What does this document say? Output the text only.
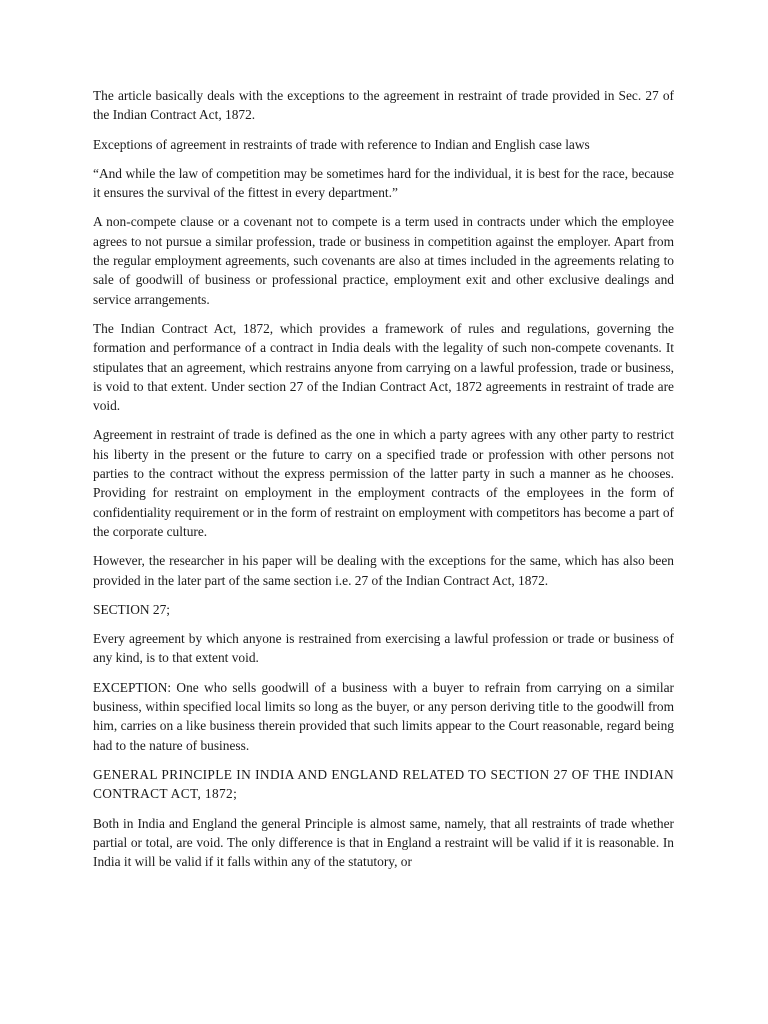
The article basically deals with the exceptions to the agreement in restraint of trade provided in Sec. 27 of the Indian Contract Act, 1872.

Exceptions of agreement in restraints of trade with reference to Indian and English case laws

“And while the law of competition may be sometimes hard for the individual, it is best for the race, because it ensures the survival of the fittest in every department.”

A non-compete clause or a covenant not to compete is a term used in contracts under which the employee agrees to not pursue a similar profession, trade or business in competition against the employer. Apart from the regular employment agreements, such covenants are also at times included in the agreements relating to sale of goodwill of business or professional practice, employment exit and other exclusive dealings and service arrangements.

The Indian Contract Act, 1872, which provides a framework of rules and regulations, governing the formation and performance of a contract in India deals with the legality of such non-compete covenants. It stipulates that an agreement, which restrains anyone from carrying on a lawful profession, trade or business, is void to that extent. Under section 27 of the Indian Contract Act, 1872 agreements in restraint of trade are void.

Agreement in restraint of trade is defined as the one in which a party agrees with any other party to restrict his liberty in the present or the future to carry on a specified trade or profession with other persons not parties to the contract without the express permission of the latter party in such a manner as he chooses. Providing for restraint on employment in the employment contracts of the employees in the form of confidentiality requirement or in the form of restraint on employment with competitors has become a part of the corporate culture.

However, the researcher in his paper will be dealing with the exceptions for the same, which has also been provided in the later part of the same section i.e. 27 of the Indian Contract Act, 1872.

SECTION 27;

Every agreement by which anyone is restrained from exercising a lawful profession or trade or business of any kind, is to that extent void.

EXCEPTION: One who sells goodwill of a business with a buyer to refrain from carrying on a similar business, within specified local limits so long as the buyer, or any person deriving title to the goodwill from him, carries on a like business therein provided that such limits appear to the Court reasonable, regard being had to the nature of business.

GENERAL PRINCIPLE IN INDIA AND ENGLAND RELATED TO SECTION 27 OF THE INDIAN CONTRACT ACT, 1872;

Both in India and England the general Principle is almost same, namely, that all restraints of trade whether partial or total, are void. The only difference is that in England a restraint will be valid if it is reasonable. In India it will be valid if it falls within any of the statutory, or
